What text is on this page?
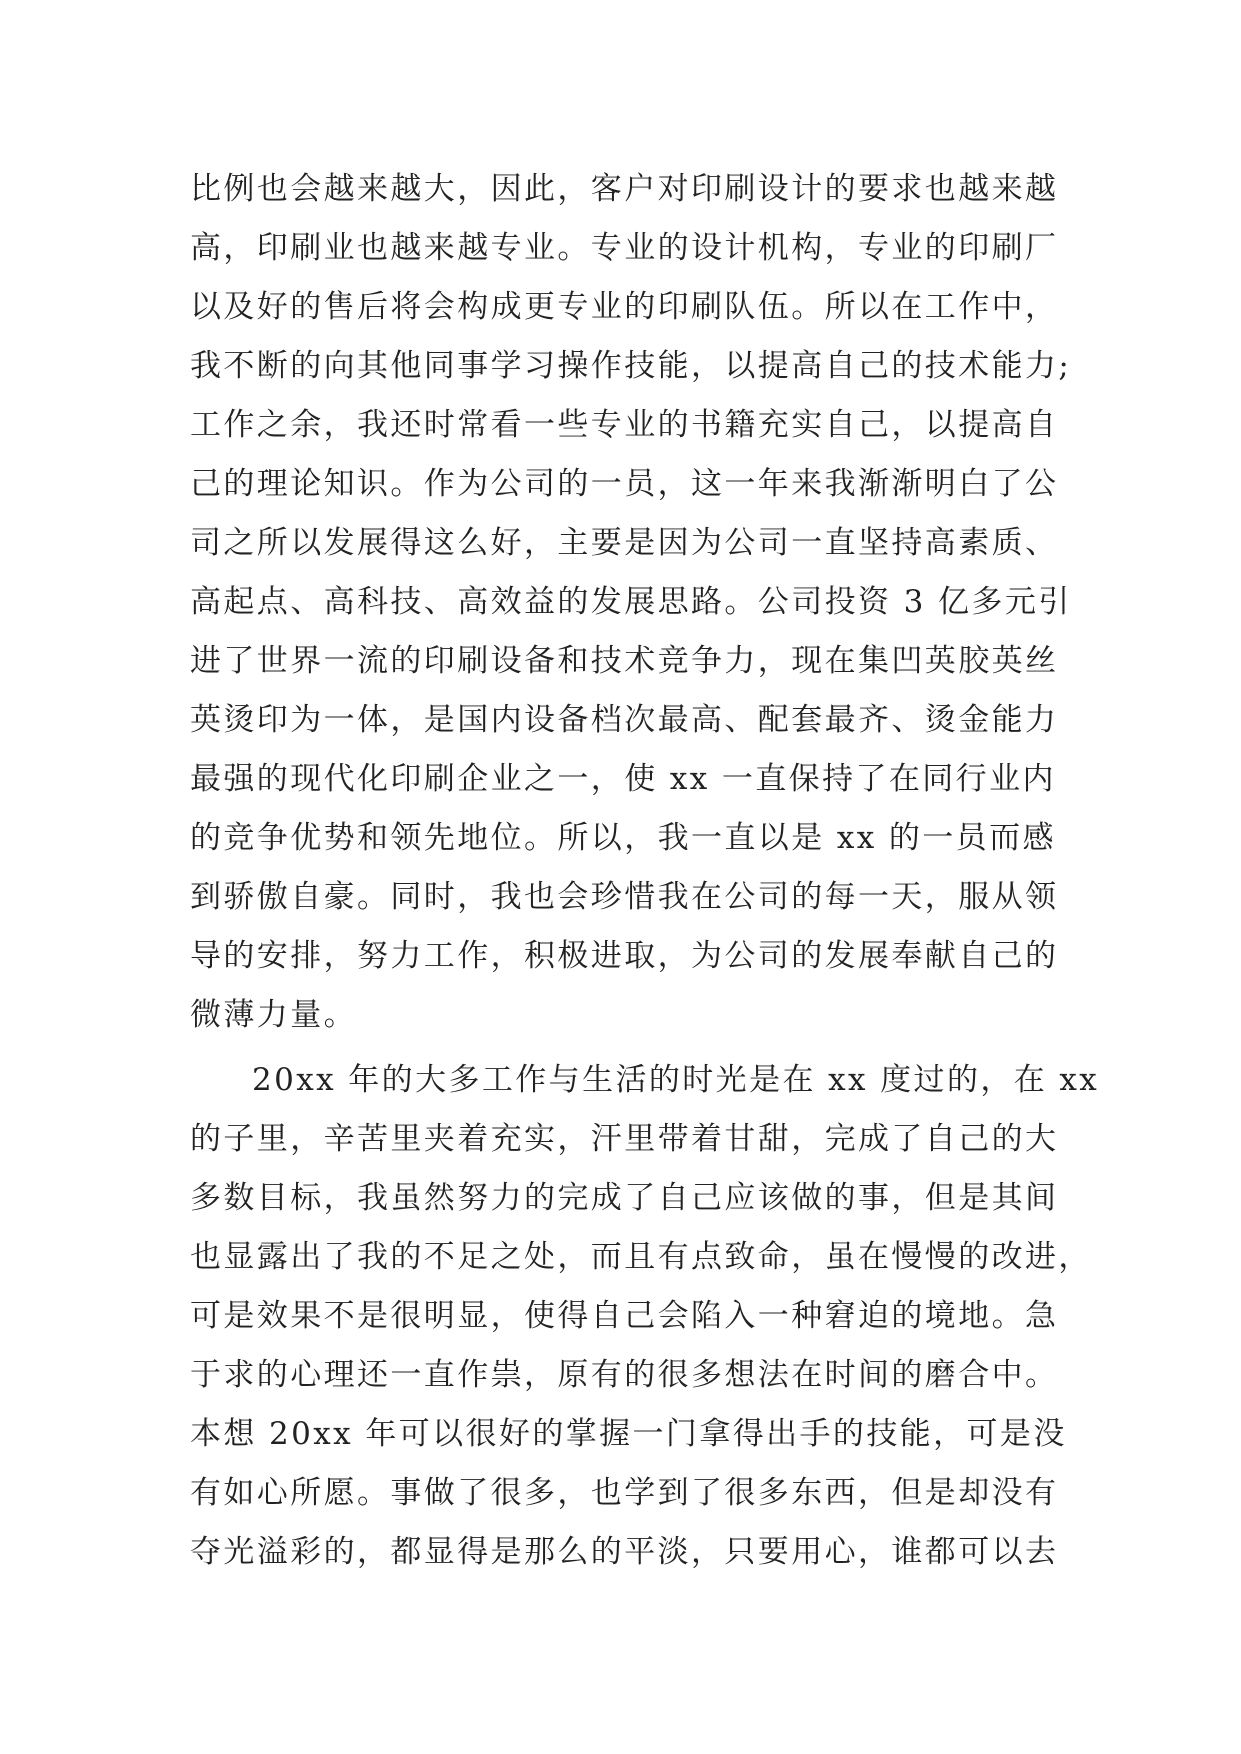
比例也会越来越大，因此，客户对印刷设计的要求也越来越
高，印刷业也越来越专业。专业的设计机构，专业的印刷厂
以及好的售后将会构成更专业的印刷队伍。所以在工作中，
我不断的向其他同事学习操作技能，以提高自己的技术能力;
工作之余，我还时常看一些专业的书籍充实自己，以提高自
己的理论知识。作为公司的一员，这一年来我渐渐明白了公
司之所以发展得这么好，主要是因为公司一直坚持高素质、
高起点、高科技、高效益的发展思路。公司投资 3 亿多元引
进了世界一流的印刷设备和技术竞争力，现在集凹英胶英丝
英烫印为一体，是国内设备档次最高、配套最齐、烫金能力
最强的现代化印刷企业之一，使 xx 一直保持了在同行业内
的竞争优势和领先地位。所以，我一直以是 xx 的一员而感
到骄傲自豪。同时，我也会珍惜我在公司的每一天，服从领
导的安排，努力工作，积极进取，为公司的发展奉献自己的
微薄力量。
20xx 年的大多工作与生活的时光是在 xx 度过的，在 xx
的子里，辛苦里夹着充实，汗里带着甘甜，完成了自己的大
多数目标，我虽然努力的完成了自己应该做的事，但是其间
也显露出了我的不足之处，而且有点致命，虽在慢慢的改进，
可是效果不是很明显，使得自己会陷入一种窘迫的境地。急
于求的心理还一直作祟，原有的很多想法在时间的磨合中。
本想 20xx 年可以很好的掌握一门拿得出手的技能，可是没
有如心所愿。事做了很多，也学到了很多东西，但是却没有
夺光溢彩的，都显得是那么的平淡，只要用心，谁都可以去
